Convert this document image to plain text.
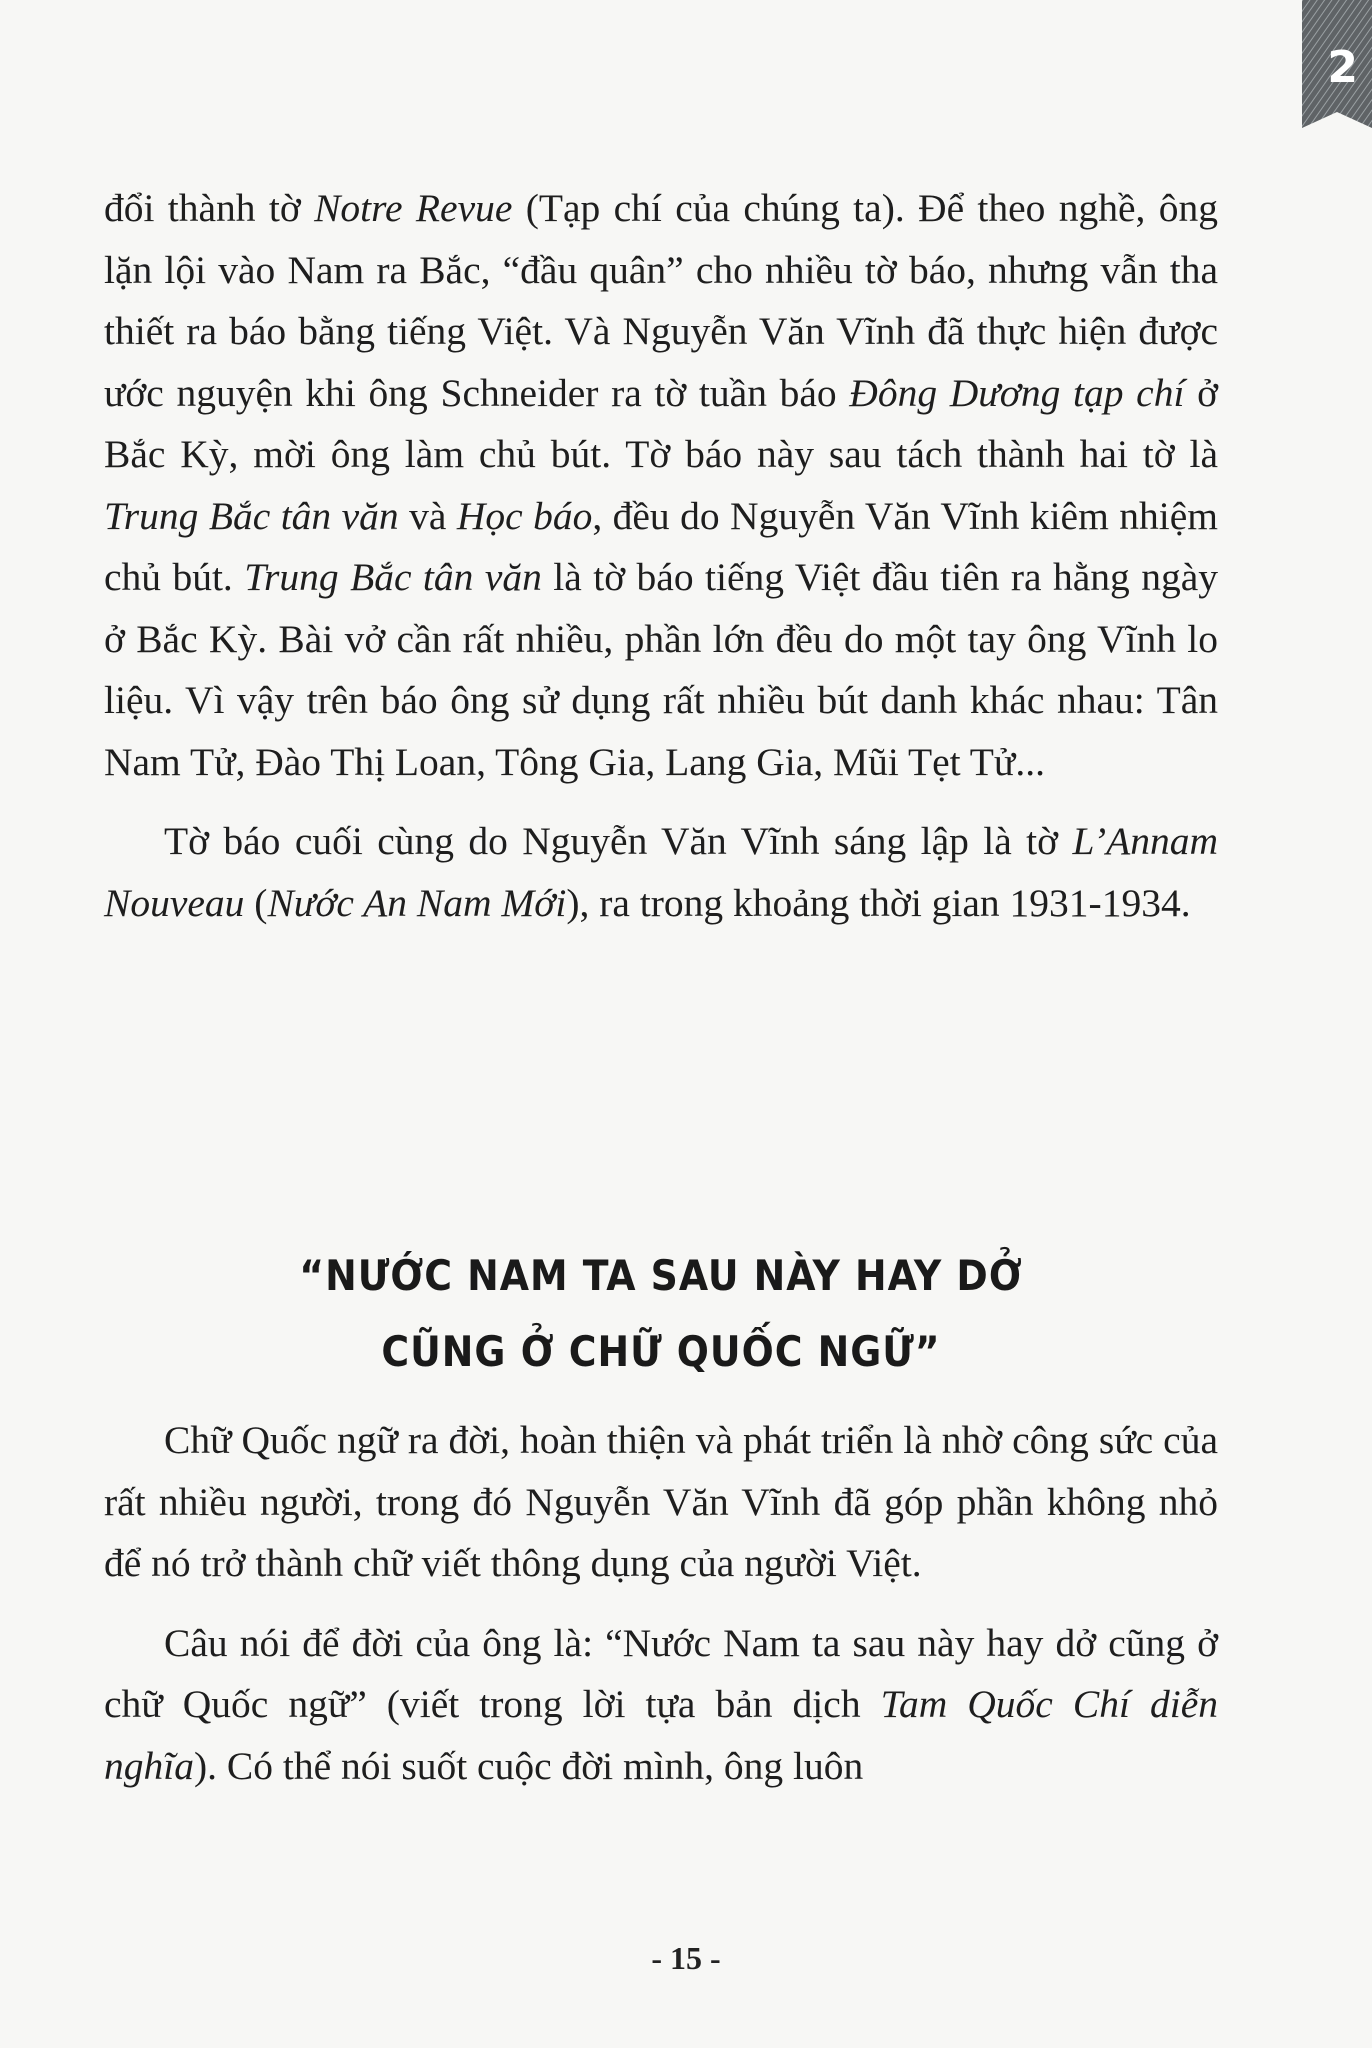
2

đổi thành tờ Notre Revue (Tạp chí của chúng ta). Để theo nghề, ông lặn lội vào Nam ra Bắc, “đầu quân” cho nhiều tờ báo, nhưng vẫn tha thiết ra báo bằng tiếng Việt. Và Nguyễn Văn Vĩnh đã thực hiện được ước nguyện khi ông Schneider ra tờ tuần báo Đông Dương tạp chí ở Bắc Kỳ, mời ông làm chủ bút. Tờ báo này sau tách thành hai tờ là Trung Bắc tân văn và Học báo, đều do Nguyễn Văn Vĩnh kiêm nhiệm chủ bút. Trung Bắc tân văn là tờ báo tiếng Việt đầu tiên ra hằng ngày ở Bắc Kỳ. Bài vở cần rất nhiều, phần lớn đều do một tay ông Vĩnh lo liệu. Vì vậy trên báo ông sử dụng rất nhiều bút danh khác nhau: Tân Nam Tử, Đào Thị Loan, Tông Gia, Lang Gia, Mũi Tẹt Tử...

Tờ báo cuối cùng do Nguyễn Văn Vĩnh sáng lập là tờ L’Annam Nouveau (Nước An Nam Mới), ra trong khoảng thời gian 1931-1934.

“NƯỚC NAM TA SAU NÀY HAY DỞ
CŨNG Ở CHỮ QUỐC NGỮ”

Chữ Quốc ngữ ra đời, hoàn thiện và phát triển là nhờ công sức của rất nhiều người, trong đó Nguyễn Văn Vĩnh đã góp phần không nhỏ để nó trở thành chữ viết thông dụng của người Việt.

Câu nói để đời của ông là: “Nước Nam ta sau này hay dở cũng ở chữ Quốc ngữ” (viết trong lời tựa bản dịch Tam Quốc Chí diễn nghĩa). Có thể nói suốt cuộc đời mình, ông luôn

- 15 -
